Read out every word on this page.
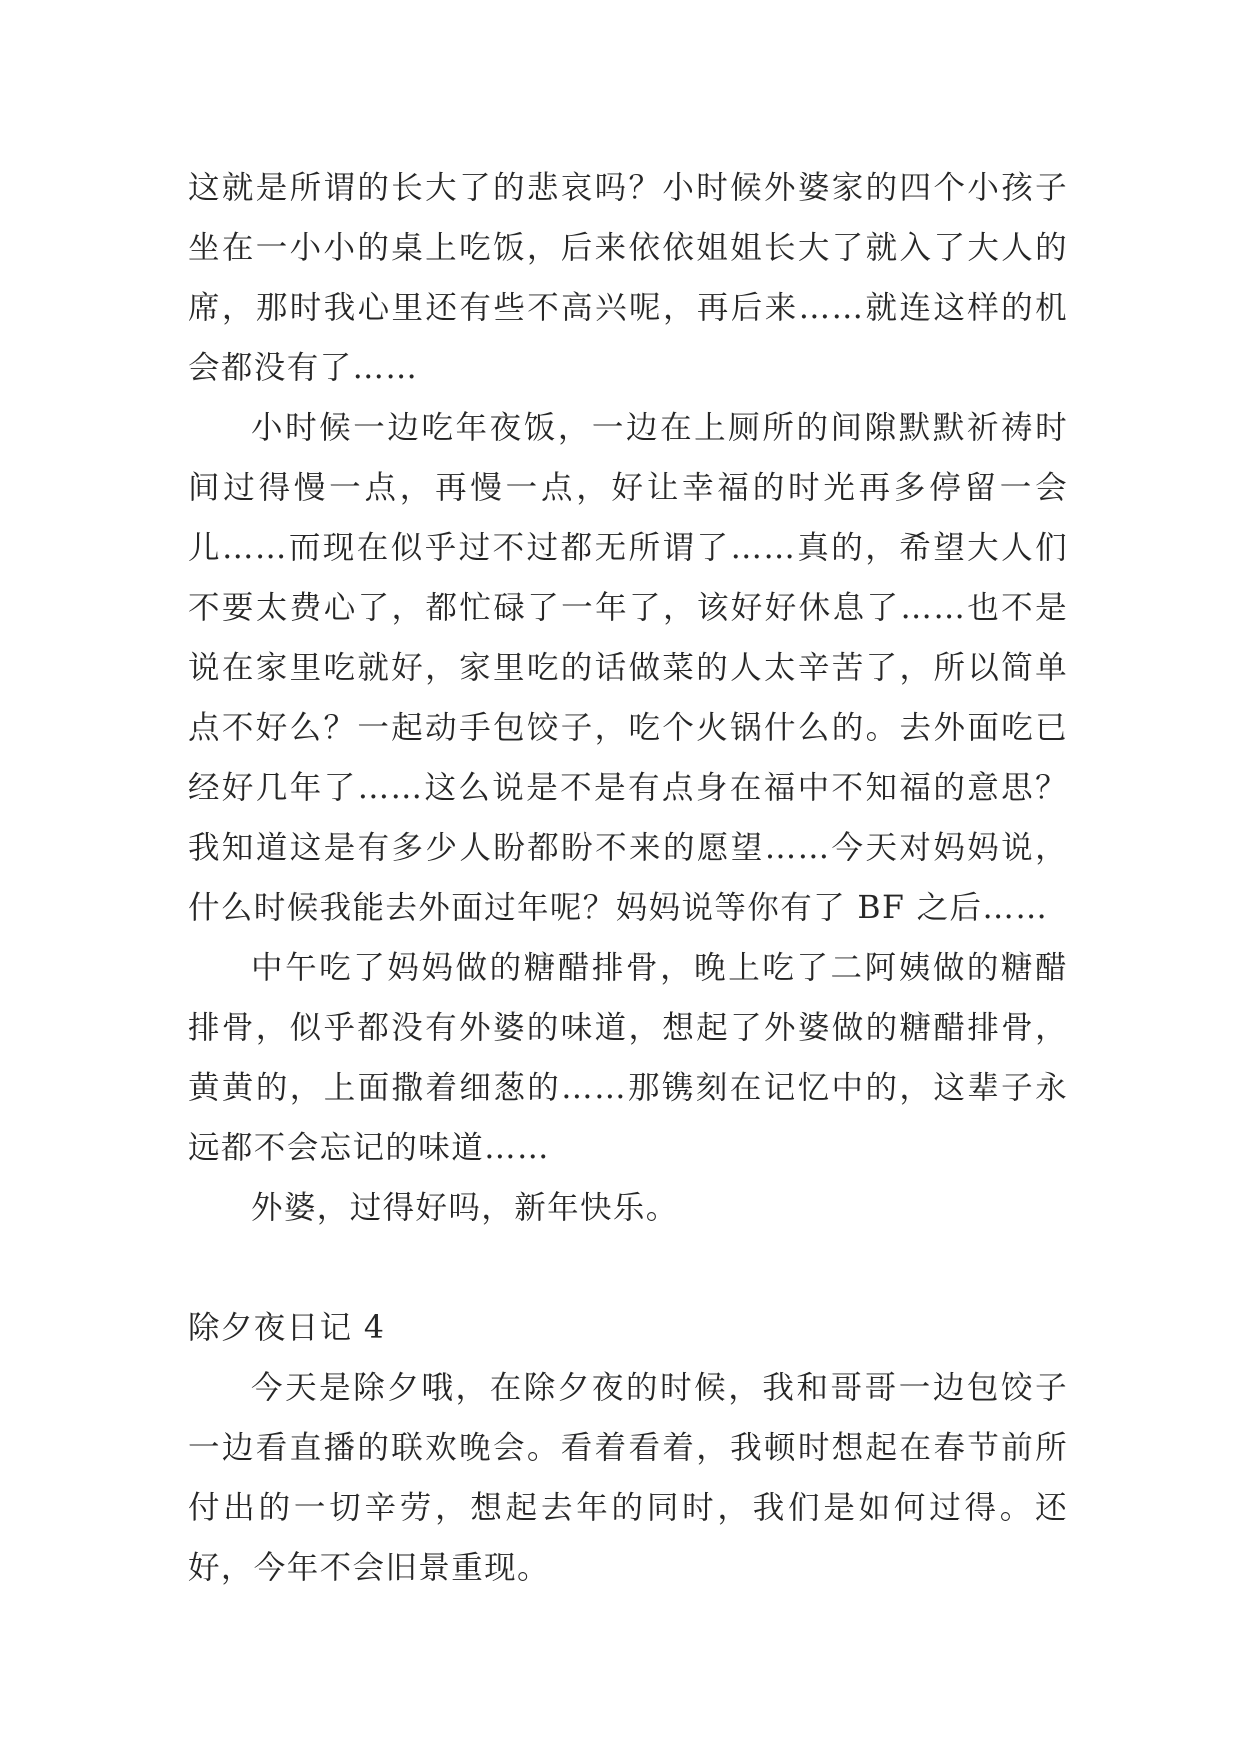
这就是所谓的长大了的悲哀吗？小时候外婆家的四个小孩子坐在一小小的桌上吃饭，后来依依姐姐长大了就入了大人的席，那时我心里还有些不高兴呢，再后来……就连这样的机会都没有了……

小时候一边吃年夜饭，一边在上厕所的间隙默默祈祷时间过得慢一点，再慢一点，好让幸福的时光再多停留一会儿……而现在似乎过不过都无所谓了……真的，希望大人们不要太费心了，都忙碌了一年了，该好好休息了……也不是说在家里吃就好，家里吃的话做菜的人太辛苦了，所以简单点不好么？一起动手包饺子，吃个火锅什么的。去外面吃已经好几年了……这么说是不是有点身在福中不知福的意思？我知道这是有多少人盼都盼不来的愿望……今天对妈妈说，什么时候我能去外面过年呢？妈妈说等你有了 BF 之后……

中午吃了妈妈做的糖醋排骨，晚上吃了二阿姨做的糖醋排骨，似乎都没有外婆的味道，想起了外婆做的糖醋排骨，黄黄的，上面撒着细葱的……那镌刻在记忆中的，这辈子永远都不会忘记的味道……

外婆，过得好吗，新年快乐。

除夕夜日记 4

今天是除夕哦，在除夕夜的时候，我和哥哥一边包饺子一边看直播的联欢晚会。看着看着，我顿时想起在春节前所付出的一切辛劳，想起去年的同时，我们是如何过得。还好，今年不会旧景重现。
